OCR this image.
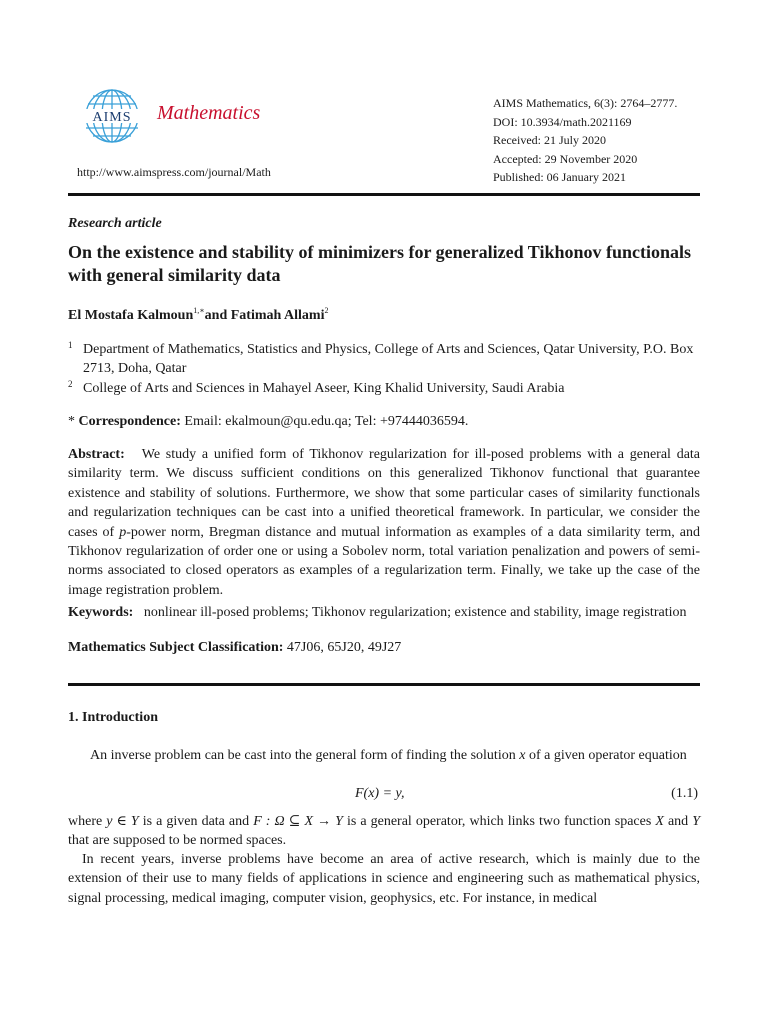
AIMS Mathematics
http://www.aimspress.com/journal/Math
AIMS Mathematics, 6(3): 2764–2777.
DOI: 10.3934/math.2021169
Received: 21 July 2020
Accepted: 29 November 2020
Published: 06 January 2021
Research article
On the existence and stability of minimizers for generalized Tikhonov functionals with general similarity data
El Mostafa Kalmoun$^{1,∗}$and Fatimah Allami$^2$
1 Department of Mathematics, Statistics and Physics, College of Arts and Sciences, Qatar University, P.O. Box 2713, Doha, Qatar
2 College of Arts and Sciences in Mahayel Aseer, King Khalid University, Saudi Arabia
* Correspondence: Email: ekalmoun@qu.edu.qa; Tel: +97444036594.
Abstract: We study a unified form of Tikhonov regularization for ill-posed problems with a general data similarity term. We discuss sufficient conditions on this generalized Tikhonov functional that guarantee existence and stability of solutions. Furthermore, we show that some particular cases of similarity functionals and regularization techniques can be cast into a unified theoretical framework. In particular, we consider the cases of p-power norm, Bregman distance and mutual information as examples of a data similarity term, and Tikhonov regularization of order one or using a Sobolev norm, total variation penalization and powers of semi-norms associated to closed operators as examples of a regularization term. Finally, we take up the case of the image registration problem.
Keywords: nonlinear ill-posed problems; Tikhonov regularization; existence and stability, image registration
Mathematics Subject Classification: 47J06, 65J20, 49J27
1. Introduction
An inverse problem can be cast into the general form of finding the solution x of a given operator equation
F(x) = y,	(1.1)
where y ∈ Y is a given data and F : Ω ⊆ X → Y is a general operator, which links two function spaces X and Y that are supposed to be normed spaces.
In recent years, inverse problems have become an area of active research, which is mainly due to the extension of their use to many fields of applications in science and engineering such as mathematical physics, signal processing, medical imaging, computer vision, geophysics, etc. For instance, in medical
